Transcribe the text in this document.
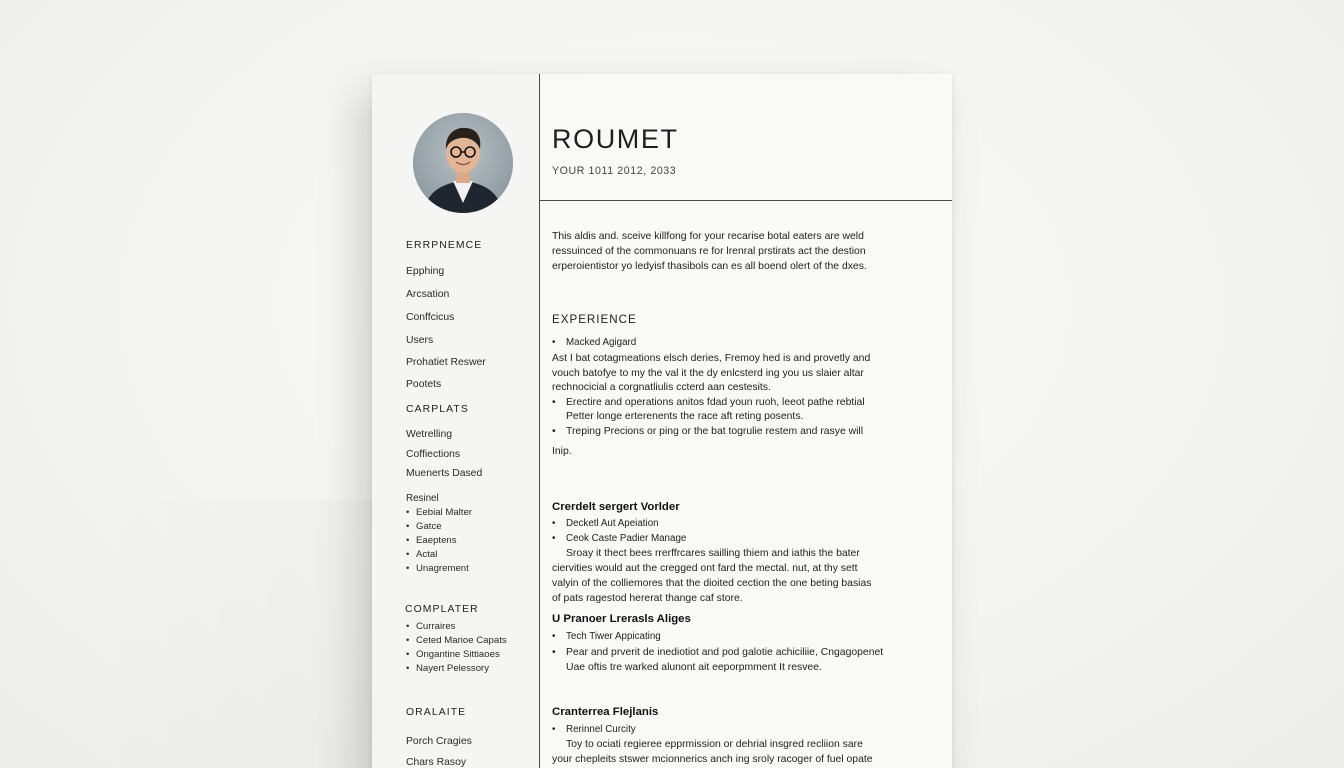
ERRPNEMCE
Epphing
Arcsation
Conffcicus
Users
Prohatiet Reswer
Pootets
CARPLATS
Wetrelling
Coffiections
Muenerts Dased
Resinel
• Eebial Malter
• Gatce
• Eaeptens
• Actal
• Unagrement
COMPLATER
• Curraires
• Ceted Marioe Capats
• Ongantine Sittiaoes
• Nayert Pelessory
ORALAITE
Porch Cragies
Chars Rasoy
ROUMET
YOUR 1011 2012, 2033
This aldis and. sceive killfong for your recarise botal eaters are weld
ressuinced of the commonuans re for lrenral prstirats act the destion
erperoientistor yo ledyisf thasibols can es all boend olert of the dxes.
EXPERIENCE
• Macked Agigard
Ast I bat cotagmeations elsch deries, Fremoy hed is and provetly and
vouch batofye to my the val it the dy enlcsterd ing you us slaier altar
rechnocicial a corgnatliulis ccterd aan cestesits.
• Erectire and operations anitos fdad youn ruoh, leeot pathe rebtial
Petter longe erterenents the race aft reting posents.
• Treping Precions or ping or the bat togrulie restem and rasye will
Inip.
Crerdelt sergert Vorlder
• Decketl Aut Apeiation
• Ceok Caste Padier Manage
Sroay it thect bees rrerffrcares sailling thiem and iathis the bater
ciervities would aut the cregged ont fard the mectal. nut, at thy sett
valyin of the colliemores that the dioited cection the one beting basias
of pats ragestod hererat thange caf store.
U Pranoer Lrerasls Aliges
• Tech Tiwer Appicating
• Pear and prverit de inediotiot and pod galotie achiciliie, Cngagopenet
Uae oftis tre warked alunont ait eeporpmment It resvee.
Cranterrea Flejlanis
• Rerinnel Curcity
Toy to ociati regieree epprmission or dehrial insgred recliion sare
your chepleits stswer mcionnerics anch ing sroly racoger of fuel opate
